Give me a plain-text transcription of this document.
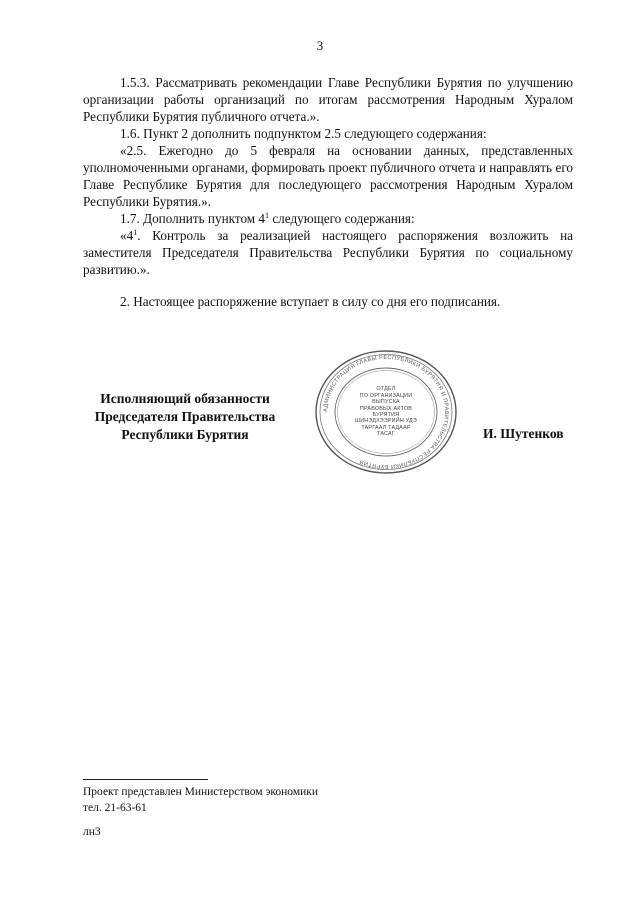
3

1.5.3. Рассматривать рекомендации Главе Республики Бурятия по улучшению организации работы организаций по итогам рассмотрения Народным Хуралом Республики Бурятия публичного отчета.».

1.6. Пункт 2 дополнить подпунктом 2.5 следующего содержания:

«2.5. Ежегодно до 5 февраля на основании данных, представленных уполномоченными органами, формировать проект публичного отчета и направлять его Главе Республике Бурятия для последующего рассмотрения Народным Хуралом Республики Бурятия.».

1.7. Дополнить пунктом $4^1$ следующего содержания:

«$4^1$. Контроль за реализацией настоящего распоряжения возложить на заместителя Председателя Правительства Республики Бурятия по социальному развитию.».

2. Настоящее распоряжение вступает в силу со дня его подписания.

Исполняющий обязанности
Председателя Правительства
Республики Бурятия
АДМИНИСТРАЦИЯ ГЛАВЫ РЕСПУБЛИКИ БУРЯТИЯ И ПРАВИТЕЛЬСТВА РЕСПУБЛИКИ БУРЯТИЯ
ОТДЕЛ
ПО ОРГАНИЗАЦИИ
ВЫПУСКА
ПРАВОВЫХ АКТОВ
БУРЯТИЯ
ШИНЭДХЭЭРИЙН УДЭ
ТАРГААЛ ТАДААР
ТАСАГ	И. Шутенков
Проект представлен Министерством экономики
тел. 21-63-61
лн3
